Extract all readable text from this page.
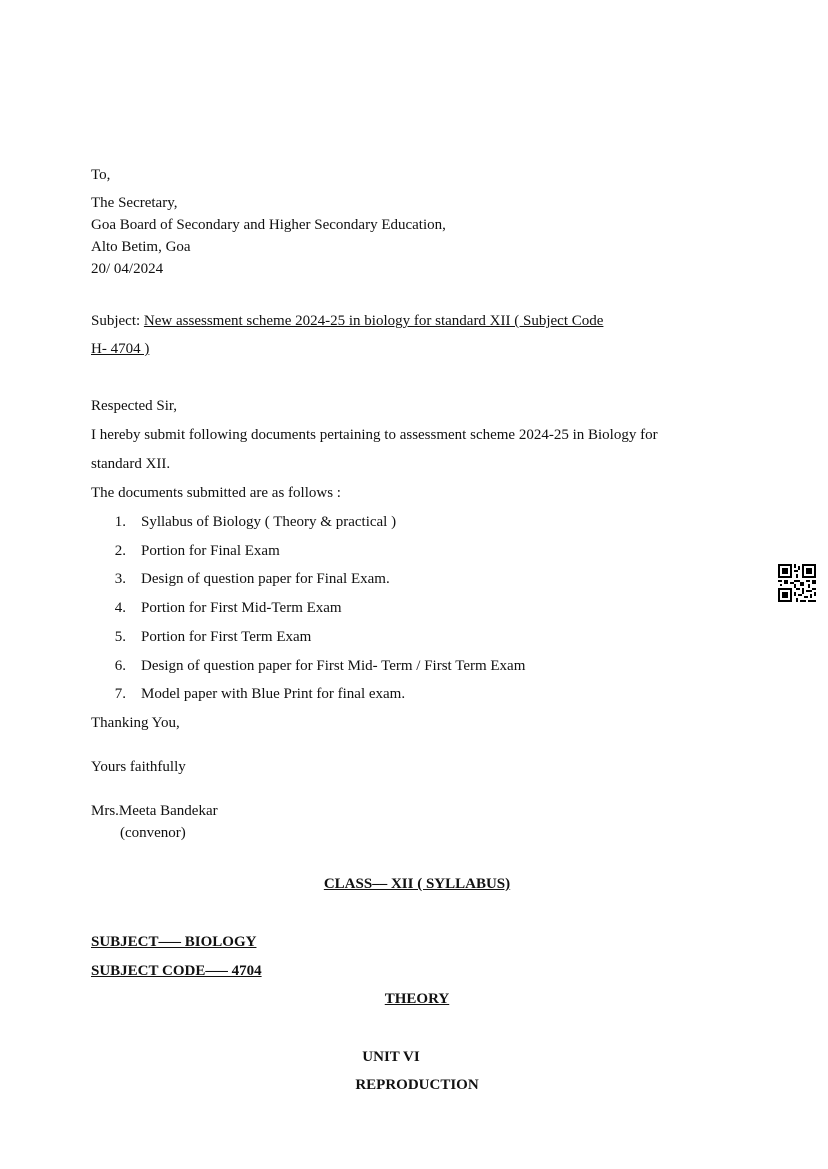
To,
The Secretary,
Goa Board of Secondary and Higher Secondary Education,
Alto Betim, Goa
20/ 04/2024
Subject: New assessment scheme 2024-25 in biology for standard XII ( Subject Code
H- 4704 )
Respected Sir,
I hereby submit following documents pertaining to assessment scheme 2024-25 in Biology for
standard XII.
The documents submitted are as follows :
1. Syllabus of Biology ( Theory & practical )
2. Portion for Final Exam
3. Design of question paper for Final Exam.
4. Portion for First Mid-Term Exam
5. Portion for First Term Exam
6. Design of question paper for First Mid- Term / First Term Exam
7. Model paper with Blue Print for final exam.
Thanking You,
Yours faithfully
Mrs.Meeta Bandekar
(convenor)
CLASS–– XII ( SYLLABUS)
SUBJECT––– BIOLOGY
SUBJECT CODE––– 4704
THEORY
UNIT VI
REPRODUCTION
